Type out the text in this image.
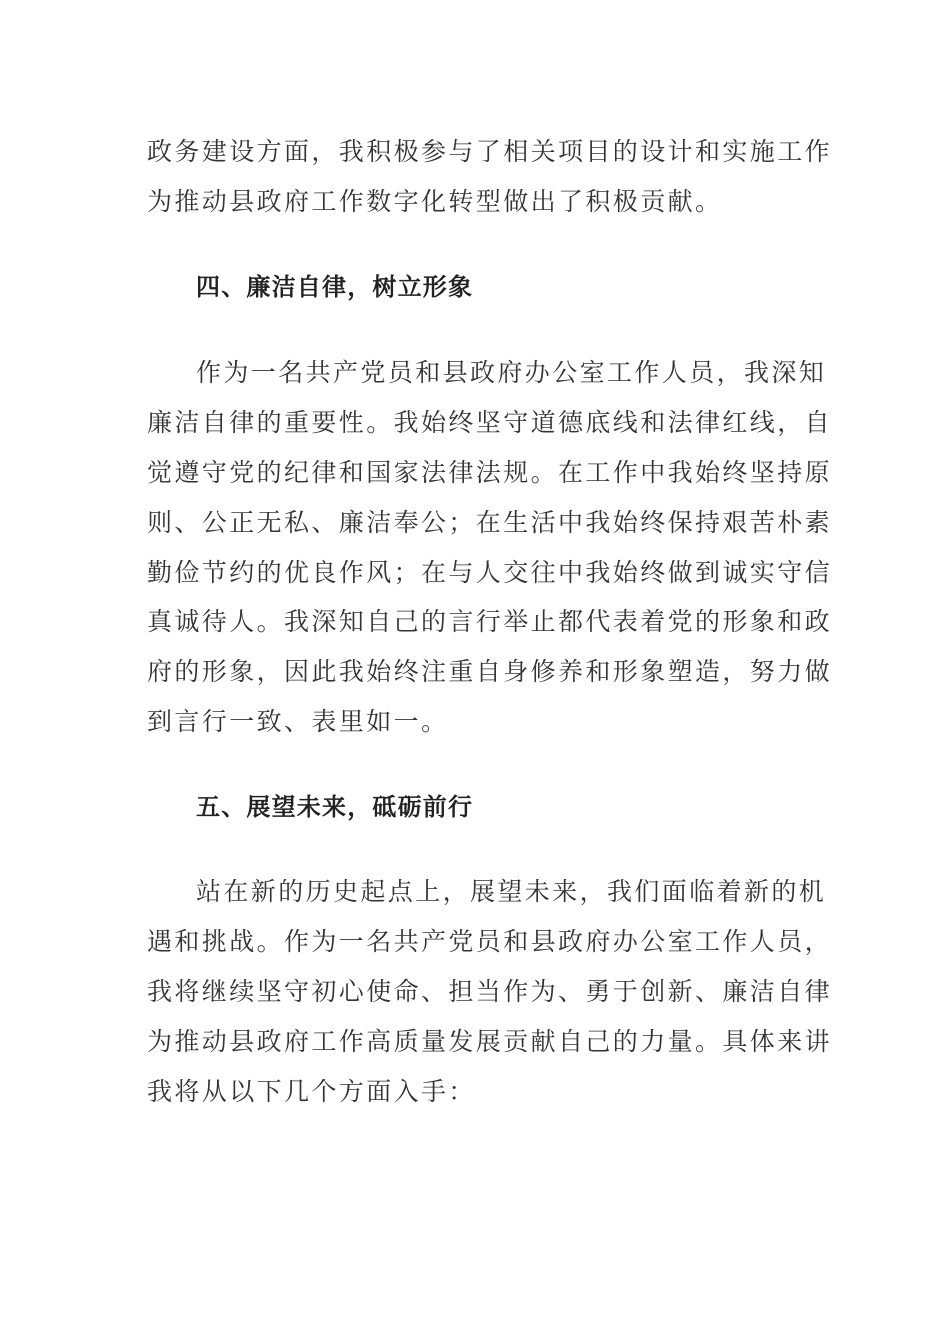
政务建设方面，我积极参与了相关项目的设计和实施工作
为推动县政府工作数字化转型做出了积极贡献。
四、廉洁自律，树立形象
作为一名共产党员和县政府办公室工作人员，我深知
廉洁自律的重要性。我始终坚守道德底线和法律红线，自
觉遵守党的纪律和国家法律法规。在工作中我始终坚持原
则、公正无私、廉洁奉公；在生活中我始终保持艰苦朴素
勤俭节约的优良作风；在与人交往中我始终做到诚实守信
真诚待人。我深知自己的言行举止都代表着党的形象和政
府的形象，因此我始终注重自身修养和形象塑造，努力做
到言行一致、表里如一。
五、展望未来，砥砺前行
站在新的历史起点上，展望未来，我们面临着新的机
遇和挑战。作为一名共产党员和县政府办公室工作人员，
我将继续坚守初心使命、担当作为、勇于创新、廉洁自律
为推动县政府工作高质量发展贡献自己的力量。具体来讲
我将从以下几个方面入手：
